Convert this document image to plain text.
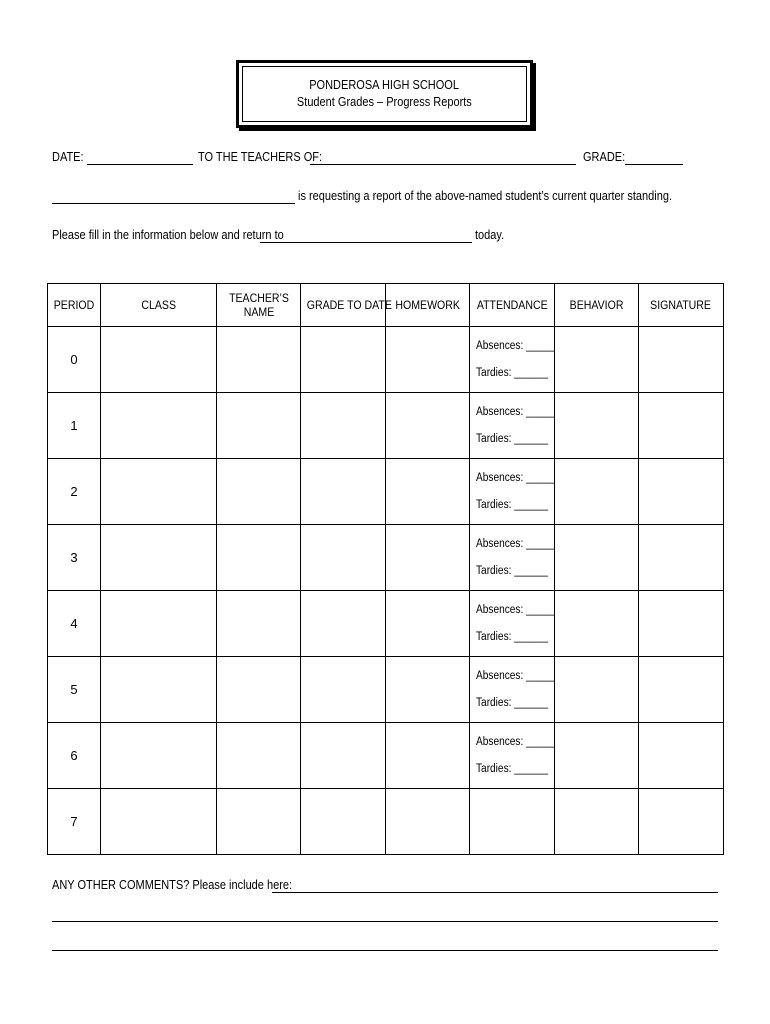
PONDEROSA HIGH SCHOOL
Student Grades – Progress Reports
DATE:	TO THE TEACHERS OF:	GRADE:
is requesting a report of the above-named student’s current quarter standing.
Please fill in the information below and return to	today.
PERIOD	CLASS	TEACHER’S NAME	GRADE TO DATE	HOMEWORK	ATTENDANCE	BEHAVIOR	SIGNATURE
0					Absences: _____
Tardies: ______		

1					Absences: _____
Tardies: ______		

2					Absences: _____
Tardies: ______		

3					Absences: _____
Tardies: ______		

4					Absences: _____
Tardies: ______		

5					Absences: _____
Tardies: ______		

6					Absences: _____
Tardies: ______		

7							
ANY OTHER COMMENTS? Please include here:
